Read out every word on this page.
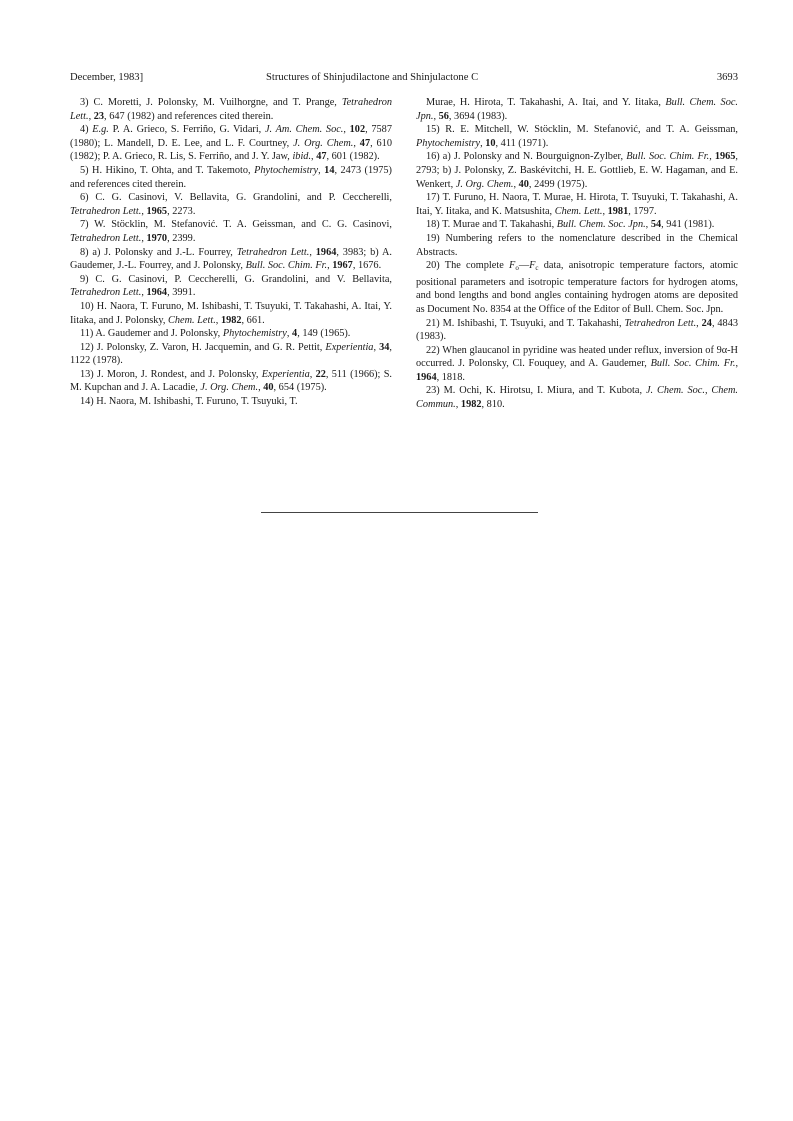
December, 1983]	Structures of Shinjudilactone and Shinjulactone C	3693

3) C. Moretti, J. Polonsky, M. Vuilhorgne, and T. Prange, Tetrahedron Lett., 23, 647 (1982) and references cited therein.

4) E.g. P. A. Grieco, S. Ferriño, G. Vidari, J. Am. Chem. Soc., 102, 7587 (1980); L. Mandell, D. E. Lee, and L. F. Courtney, J. Org. Chem., 47, 610 (1982); P. A. Grieco, R. Lis, S. Ferriño, and J. Y. Jaw, ibid., 47, 601 (1982).

5) H. Hikino, T. Ohta, and T. Takemoto, Phytochemistry, 14, 2473 (1975) and references cited therein.

6) C. G. Casinovi, V. Bellavita, G. Grandolini, and P. Ceccherelli, Tetrahedron Lett., 1965, 2273.

7) W. Stöcklin, M. Stefanović. T. A. Geissman, and C. G. Casinovi, Tetrahedron Lett., 1970, 2399.

8) a) J. Polonsky and J.-L. Fourrey, Tetrahedron Lett., 1964, 3983; b) A. Gaudemer, J.-L. Fourrey, and J. Polonsky, Bull. Soc. Chim. Fr., 1967, 1676.

9) C. G. Casinovi, P. Ceccherelli, G. Grandolini, and V. Bellavita, Tetrahedron Lett., 1964, 3991.

10) H. Naora, T. Furuno, M. Ishibashi, T. Tsuyuki, T. Takahashi, A. Itai, Y. Iitaka, and J. Polonsky, Chem. Lett., 1982, 661.

11) A. Gaudemer and J. Polonsky, Phytochemistry, 4, 149 (1965).

12) J. Polonsky, Z. Varon, H. Jacquemin, and G. R. Pettit, Experientia, 34, 1122 (1978).

13) J. Moron, J. Rondest, and J. Polonsky, Experientia, 22, 511 (1966); S. M. Kupchan and J. A. Lacadie, J. Org. Chem., 40, 654 (1975).

14) H. Naora, M. Ishibashi, T. Furuno, T. Tsuyuki, T.

Murae, H. Hirota, T. Takahashi, A. Itai, and Y. Iitaka, Bull. Chem. Soc. Jpn., 56, 3694 (1983).

15) R. E. Mitchell, W. Stöcklin, M. Stefanović, and T. A. Geissman, Phytochemistry, 10, 411 (1971).

16) a) J. Polonsky and N. Bourguignon-Zylber, Bull. Soc. Chim. Fr., 1965, 2793; b) J. Polonsky, Z. Baskévitchi, H. E. Gottlieb, E. W. Hagaman, and E. Wenkert, J. Org. Chem., 40, 2499 (1975).

17) T. Furuno, H. Naora, T. Murae, H. Hirota, T. Tsuyuki, T. Takahashi, A. Itai, Y. Iitaka, and K. Matsushita, Chem. Lett., 1981, 1797.

18) T. Murae and T. Takahashi, Bull. Chem. Soc. Jpn., 54, 941 (1981).

19) Numbering refers to the nomenclature described in the Chemical Abstracts.

20) The complete $F_o—F_c$ data, anisotropic temperature factors, atomic positional parameters and isotropic temperature factors for hydrogen atoms, and bond lengths and bond angles containing hydrogen atoms are deposited as Document No. 8354 at the Office of the Editor of Bull. Chem. Soc. Jpn.

21) M. Ishibashi, T. Tsuyuki, and T. Takahashi, Tetrahedron Lett., 24, 4843 (1983).

22) When glaucanol in pyridine was heated under reflux, inversion of 9α-H occurred. J. Polonsky, Cl. Fouquey, and A. Gaudemer, Bull. Soc. Chim. Fr., 1964, 1818.

23) M. Ochi, K. Hirotsu, I. Miura, and T. Kubota, J. Chem. Soc., Chem. Commun., 1982, 810.
